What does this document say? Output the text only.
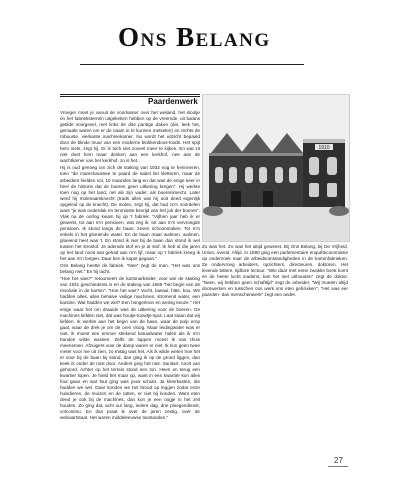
ONS BELANG
Paardenwerk

Vroeger moet je vanuit de voorkamer over het weiland, het slootje en het fabrieksterrein uitgekeken hebben op de vreemde, uit balans getilde voorgevel, met links de drie puntige daken (die, leek het, gemaakt waren om er de naam in te kunnen metselen) en rechts de robuuste, vierkante machinekamer. Nu wordt het uitzicht bepaald door de blinde muur van een moderne blokkendoos-loods. Het spijt hem niets, zegt hij. Er is toch niet zoveel meer te kijken. En wat zit niet doet hem maar denken aan een kerkhof, nee aan de wachtkamer van het kerkhof, zo is het.

Hij is oud genoeg om zich de staking van 1932 nog te herinneren, toen "de marechaussee te paard de sabel liet kletteren, maar de arbeiders hielden vol, 10 maanden lang en dat was de enige keer in heel de historie dat de boeren geen uitkering kregen". Hij werkte toen nog op het land, net als zijn vader, als boerenknecht. Later werd hij molenaarsknecht (trads alles wat hij ooit deed eigenlijk opgeleid op de knecht). De molen, zegt hij, dat had zo'n voordelen want "je was onderdak en tenminste bevrijd van het juk der boeren". Vlak na de oorlog kwam hij op 't fabriek. "Vijftien jaar heb ik er gewerkt, tot aan m'n pensioen, wat zeg ik, tot aan m'n vervroegde pensioen. Ik stond langs de baan, zeven schoonmaken. Tot m'n enkels in het gloeiende water. En de baan maar walmen, walmen, gloeiend heet was 't. En stond ik niet bij de baan dan stond ik wel tussen het strostof. Je ademde stof en je at stof. Ik heb al die jaren op het land nooit wat gehad aan m'n lijf, maar op 't fabriek kreeg ik het aan m'n longen. Daar ben ik kapot gegaan."

Ons Belang heette de fabriek. "Nee" zegt de man. "Het was ons belang niet." En hij lacht.

"Hoe het was?" retourneert de kartonarbeider, voor wie de staking van 1931 geschiedenis is en de staking van 1969 "het begin van de revolutie in de karton". "Hoe het was? Vocht, lawaai, hitte, kou. We hadden alles, alles behalve veilige machines, stromend water, een kantine. Wat hadden we wel? Een hongerloon en weinig keuze." Het enige waar het om draaide was de uitkering voor de boeren. De machines liefden niet, dat was houtje-touwtje-spul. Laat staan dat wij liefden. Ik werkte aan het begin van de baan, waar de pulp erop gaat, waar de drek je om de oren vloog. Maar leidingwater was er niet, ik moest een emmer stinkend kanaalwater halen als ik m'n handen wilde wassen. Zelfs de lappen moest ik van thuis meenemen. Afzuigers voor de damp waren er niet. Ik kon geen twee meter voor me uit zien, zo mistig was het. Als ik wilde weten hoe het er voor bij de baan bij stond, dan ging ik op de grond liggen, dan keek ik onder de mist door. Anders ging het niet. Sanitair: nooit van gehoord. Achter op het terrein stond een ton. Heen en terug een kwartier lopen. Je hield het maar op, want in een kwartier kon alles fout gaan en wat fout ging was jouw schuld. Ja kleerkasten, die hadden we wel. Daar konden we het brood op leggen zodat onze huisdieren, de muizen en de ratten, er niet bij konden. Want eten deed je ook bij de machines, dan kon je een oogje in het zeil houden. Zo ging dat, acht uur lang, iedere dag, drie ploegendienst, volcontinu. En dan praat ik over de jaren zestig, over de welvaartstaat. Het waren middeleeuwse toestanden."

1910

Zo was het. Zo was het altijd geweest. Bij Ons Belang, bij De Vrijheid, Union, overal. Altijd. In 1890 ging een parlementaire enquêtecommissie op onderzoek naar de arbeidsomstandigheden in de kartonfabrieken. Ze ondervroeg arbeiders, opzichters, directeuren, doktoren. Het levende bittere, tijdloze lectuur. "Wie daar met eene zwakke borst komt en de heete lucht inademt, kan het niet uithouden" zegt de doktor. "Neen, wij hebben geen schafttijd" zegt de arbeider, "Wij moeten altijd doorwerken en tusschen ons werk ons eten gebruiken". "Het was eer paarden- dan menschenwerk" zegt een ander.

27
